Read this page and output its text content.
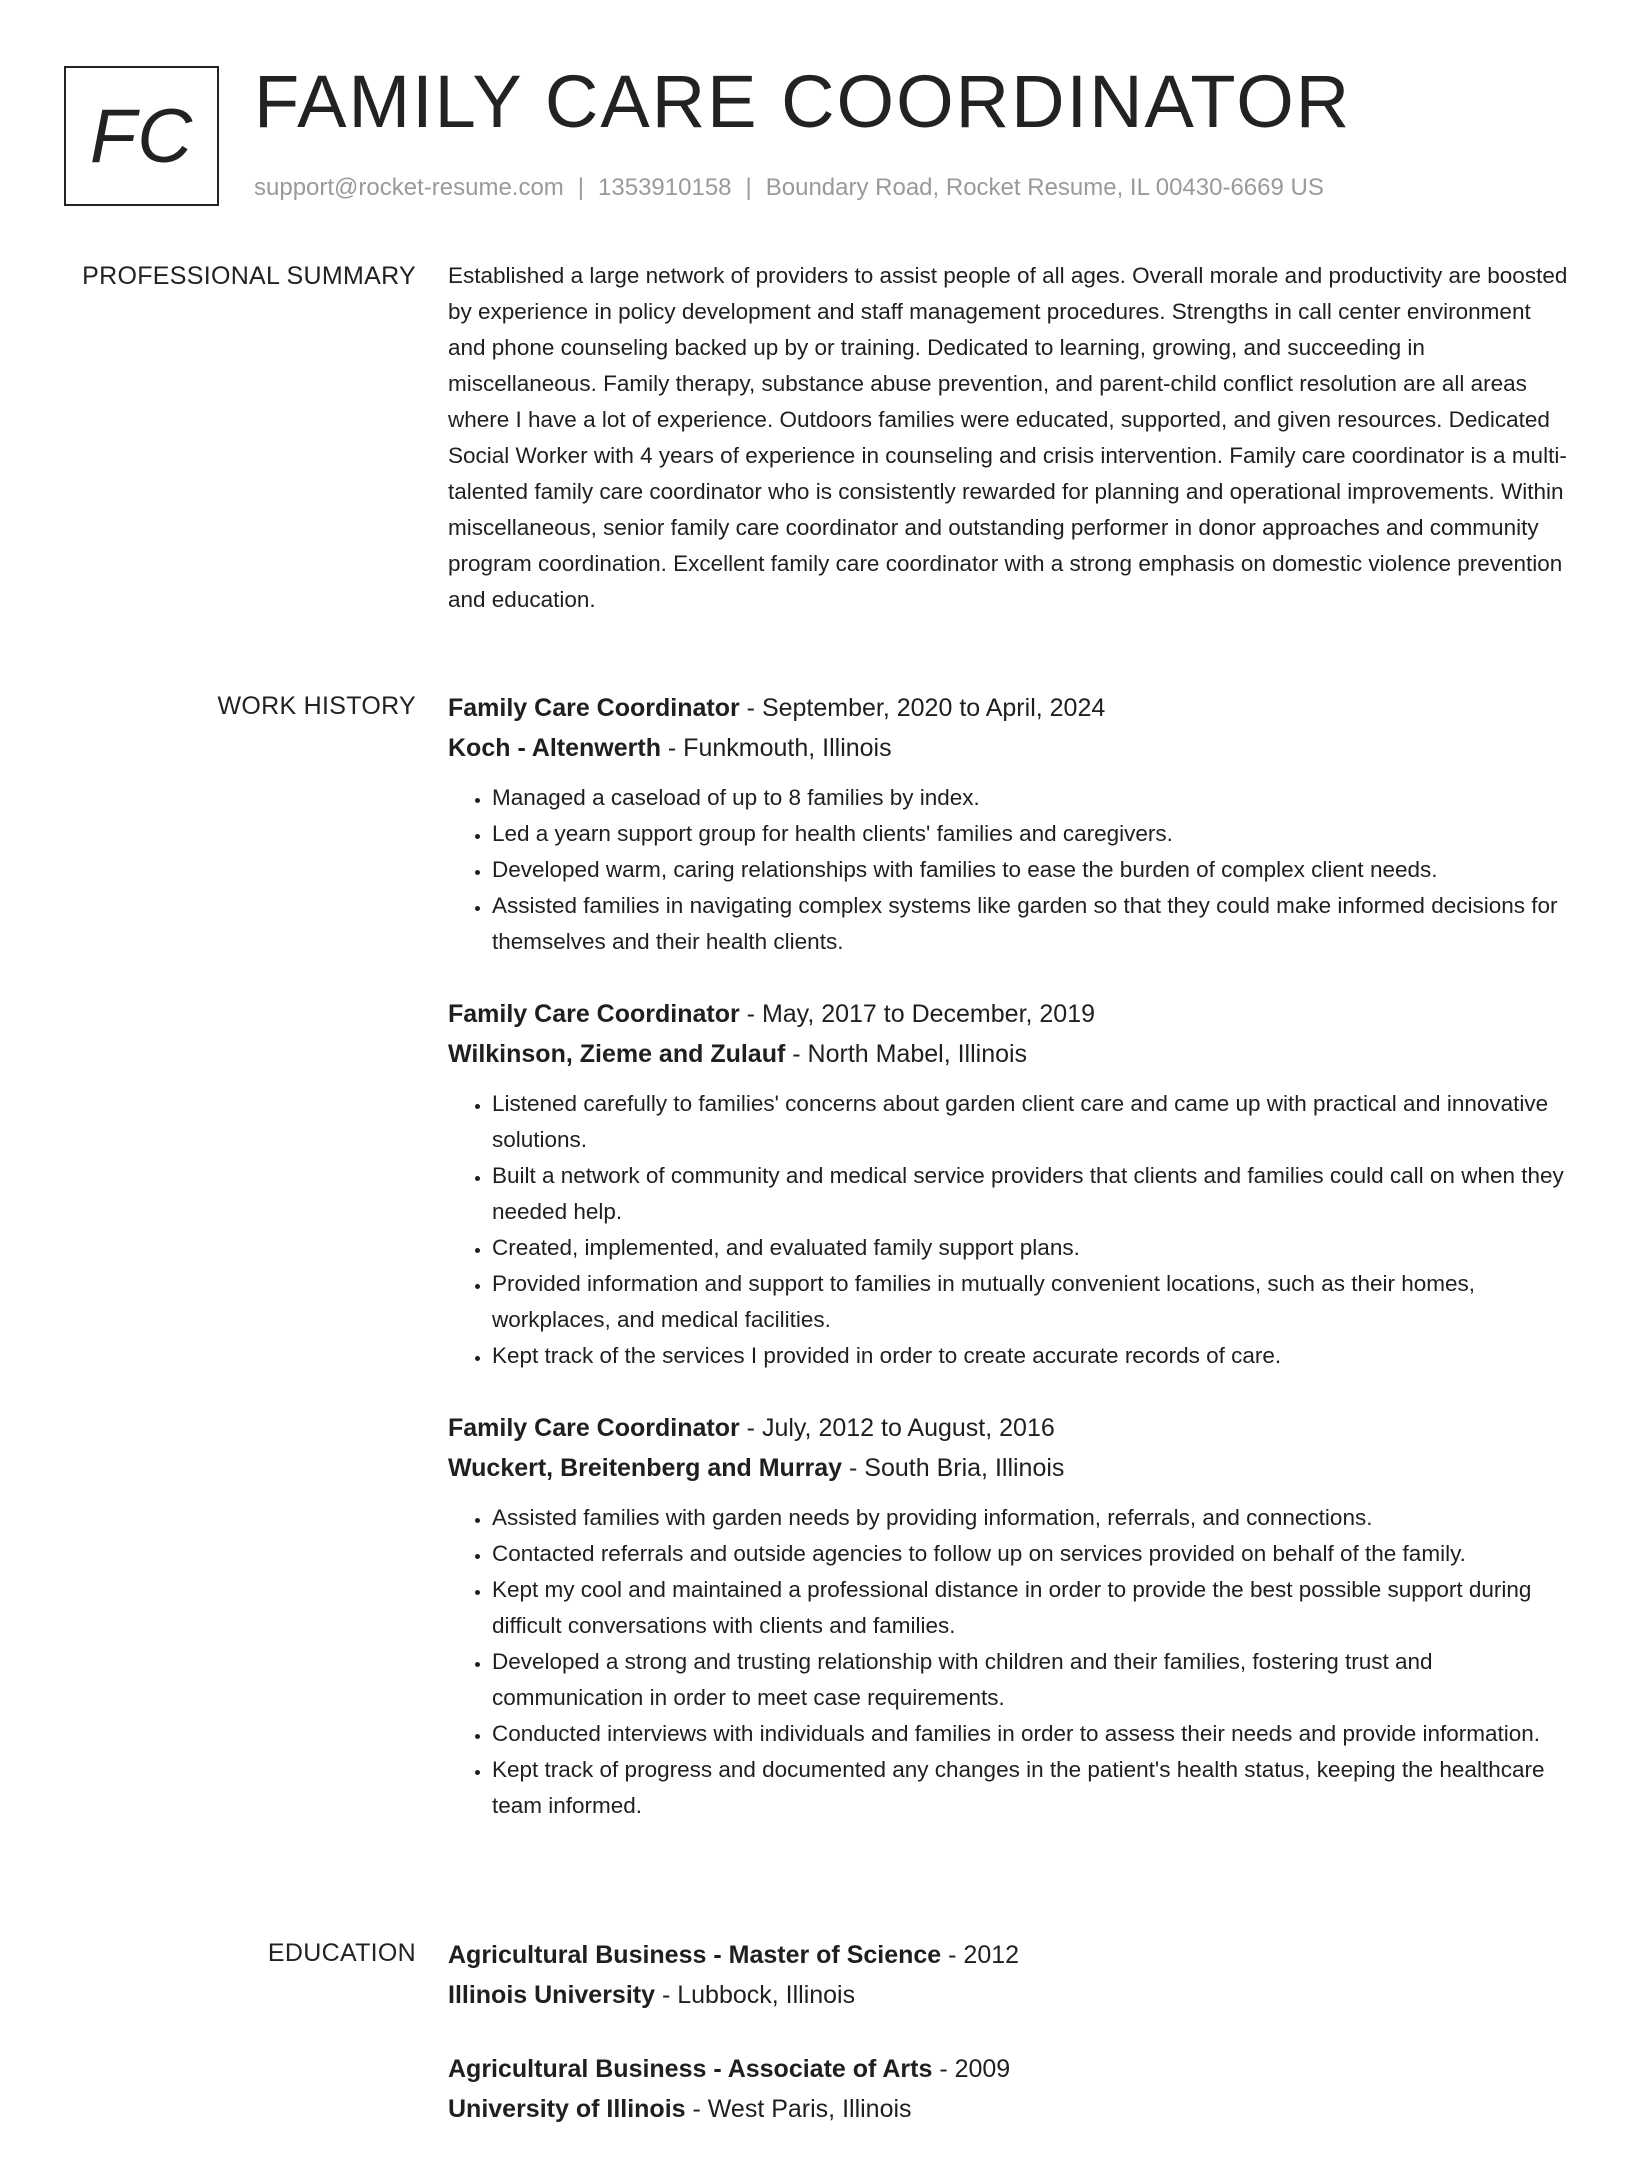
FC FAMILY CARE COORDINATOR
support@rocket-resume.com | 1353910158 | Boundary Road, Rocket Resume, IL 00430-6669 US
PROFESSIONAL SUMMARY Established a large network of providers to assist people of all ages. Overall morale and productivity are boosted by experience in policy development and staff management procedures. Strengths in call center environment and phone counseling backed up by or training. Dedicated to learning, growing, and succeeding in miscellaneous. Family therapy, substance abuse prevention, and parent-child conflict resolution are all areas where I have a lot of experience. Outdoors families were educated, supported, and given resources. Dedicated Social Worker with 4 years of experience in counseling and crisis intervention. Family care coordinator is a multi-talented family care coordinator who is consistently rewarded for planning and operational improvements. Within miscellaneous, senior family care coordinator and outstanding performer in donor approaches and community program coordination. Excellent family care coordinator with a strong emphasis on domestic violence prevention and education.
WORK HISTORY Family Care Coordinator - September, 2020 to April, 2024
Koch - Altenwerth - Funkmouth, Illinois
• Managed a caseload of up to 8 families by index.
• Led a yearn support group for health clients' families and caregivers.
• Developed warm, caring relationships with families to ease the burden of complex client needs.
• Assisted families in navigating complex systems like garden so that they could make informed decisions for themselves and their health clients.
Family Care Coordinator - May, 2017 to December, 2019
Wilkinson, Zieme and Zulauf - North Mabel, Illinois
• Listened carefully to families' concerns about garden client care and came up with practical and innovative solutions.
• Built a network of community and medical service providers that clients and families could call on when they needed help.
• Created, implemented, and evaluated family support plans.
• Provided information and support to families in mutually convenient locations, such as their homes, workplaces, and medical facilities.
• Kept track of the services I provided in order to create accurate records of care.
Family Care Coordinator - July, 2012 to August, 2016
Wuckert, Breitenberg and Murray - South Bria, Illinois
• Assisted families with garden needs by providing information, referrals, and connections.
• Contacted referrals and outside agencies to follow up on services provided on behalf of the family.
• Kept my cool and maintained a professional distance in order to provide the best possible support during difficult conversations with clients and families.
• Developed a strong and trusting relationship with children and their families, fostering trust and communication in order to meet case requirements.
• Conducted interviews with individuals and families in order to assess their needs and provide information.
• Kept track of progress and documented any changes in the patient's health status, keeping the healthcare team informed.
EDUCATION Agricultural Business - Master of Science - 2012
Illinois University - Lubbock, Illinois
Agricultural Business - Associate of Arts - 2009
University of Illinois - West Paris, Illinois
